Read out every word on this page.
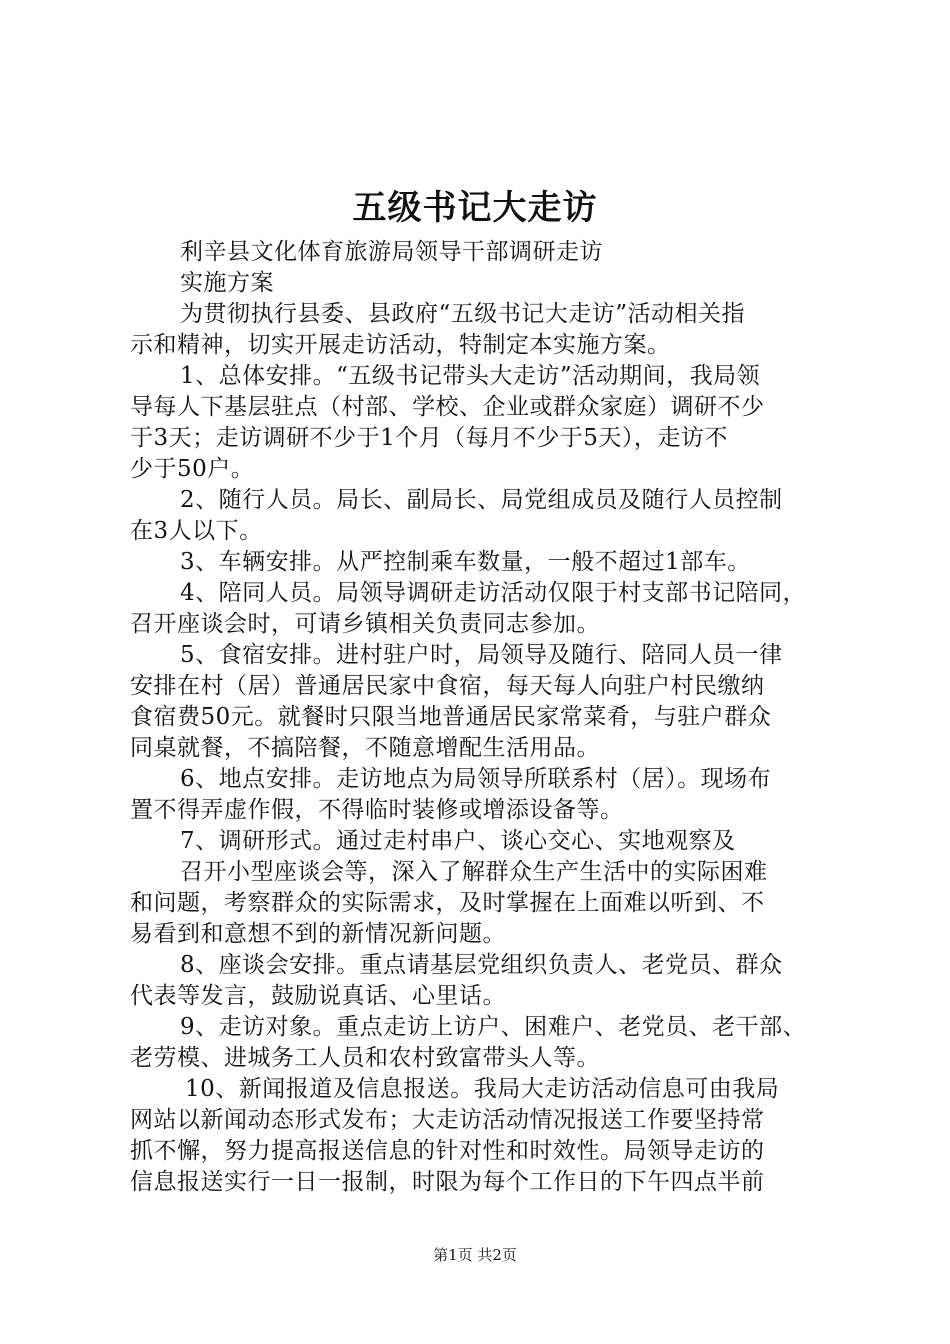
五级书记大走访
利辛县文化体育旅游局领导干部调研走访
实施方案
为贯彻执行县委、县政府“五级书记大走访”活动相关指
示和精神，切实开展走访活动，特制定本实施方案。
1、总体安排。“五级书记带头大走访”活动期间，我局领
导每人下基层驻点（村部、学校、企业或群众家庭）调研不少
于3天；走访调研不少于1个月（每月不少于5天），走访不
少于50户。
2、随行人员。局长、副局长、局党组成员及随行人员控制
在3人以下。
3、车辆安排。从严控制乘车数量，一般不超过1部车。
4、陪同人员。局领导调研走访活动仅限于村支部书记陪同，
召开座谈会时，可请乡镇相关负责同志参加。
5、食宿安排。进村驻户时，局领导及随行、陪同人员一律
安排在村（居）普通居民家中食宿，每天每人向驻户村民缴纳
食宿费50元。就餐时只限当地普通居民家常菜肴，与驻户群众
同桌就餐，不搞陪餐，不随意增配生活用品。
6、地点安排。走访地点为局领导所联系村（居）。现场布
置不得弄虚作假，不得临时装修或增添设备等。
7、调研形式。通过走村串户、谈心交心、实地观察及
召开小型座谈会等，深入了解群众生产生活中的实际困难
和问题，考察群众的实际需求，及时掌握在上面难以听到、不
易看到和意想不到的新情况新问题。
8、座谈会安排。重点请基层党组织负责人、老党员、群众
代表等发言，鼓励说真话、心里话。
9、走访对象。重点走访上访户、困难户、老党员、老干部、
老劳模、进城务工人员和农村致富带头人等。
10、新闻报道及信息报送。我局大走访活动信息可由我局
网站以新闻动态形式发布；大走访活动情况报送工作要坚持常
抓不懈，努力提高报送信息的针对性和时效性。局领导走访的
信息报送实行一日一报制，时限为每个工作日的下午四点半前
第1页 共2页
